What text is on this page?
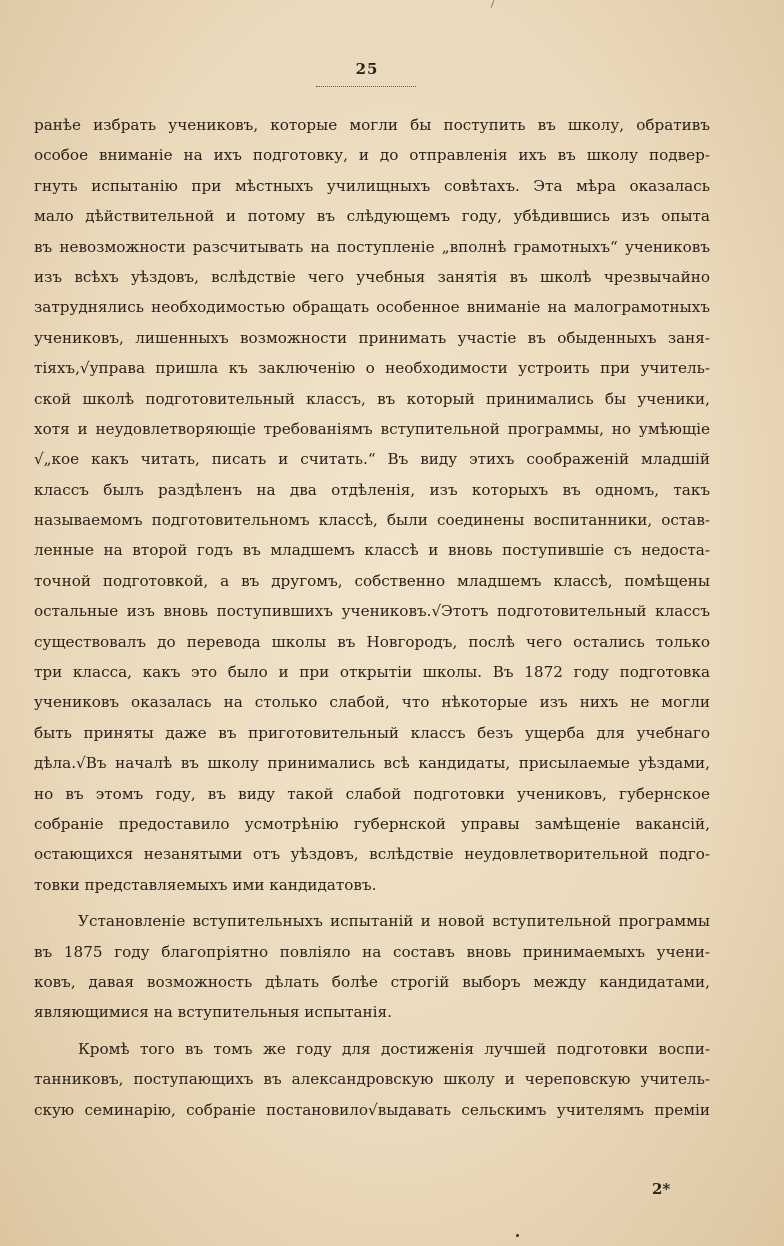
25
ранѣе избрать учениковъ, которые могли бы поступить въ школу, обративъ
особое вниманіе на ихъ подготовку, и до отправленія ихъ въ школу подвер-
гнуть испытанію при мѣстныхъ училищныхъ совѣтахъ. Эта мѣра оказалась
мало дѣйствительной и потому въ слѣдующемъ году, убѣдившись изъ опыта
въ невозможности разсчитывать на поступленіе „вполнѣ грамотныхъ“ учениковъ
изъ всѣхъ уѣздовъ, вслѣдствіе чего учебныя занятія въ школѣ чрезвычайно
затруднялись необходимостью обращать особенное вниманіе на малограмотныхъ
учениковъ, лишенныхъ возможности принимать участіе въ обыденныхъ заня-
тіяхъ,√управа пришла къ заключенію о необходимости устроить при учитель-
ской школѣ подготовительный классъ, въ который принимались бы ученики,
хотя и неудовлетворяющіе требованіямъ вступительной программы, но умѣющіе
√„кое какъ читать, писать и считать.“ Въ виду этихъ соображеній младшій
классъ былъ раздѣленъ на два отдѣленія, изъ которыхъ въ одномъ, такъ
называемомъ подготовительномъ классѣ, были соединены воспитанники, остав-
ленные на второй годъ въ младшемъ классѣ и вновь поступившіе съ недоста-
точной подготовкой, а въ другомъ, собственно младшемъ классѣ, помѣщены
остальные изъ вновь поступившихъ учениковъ.√Этотъ подготовительный классъ
существовалъ до перевода школы въ Новгородъ, послѣ чего остались только
три класса, какъ это было и при открытіи школы. Въ 1872 году подготовка
учениковъ оказалась на столько слабой, что нѣкоторые изъ нихъ не могли
быть приняты даже въ приготовительный классъ безъ ущерба для учебнаго
дѣла.√Въ началѣ въ школу принимались всѣ кандидаты, присылаемые уѣздами,
но въ этомъ году, въ виду такой слабой подготовки учениковъ, губернское
собраніе предоставило усмотрѣнію губернской управы замѣщеніе вакансій,
остающихся незанятыми отъ уѣздовъ, вслѣдствіе неудовлетворительной подго-
товки представляемыхъ ими кандидатовъ.
Установленіе вступительныхъ испытаній и новой вступительной программы
въ 1875 году благопріятно повліяло на составъ вновь принимаемыхъ учени-
ковъ, давая возможность дѣлать болѣе строгій выборъ между кандидатами,
являющимися на вступительныя испытанія.
Кромѣ того въ томъ же году для достиженія лучшей подготовки воспи-
танниковъ, поступающихъ въ александровскую школу и череповскую учитель-
скую семинарію, собраніе постановило√выдавать сельскимъ учителямъ преміи
2*
